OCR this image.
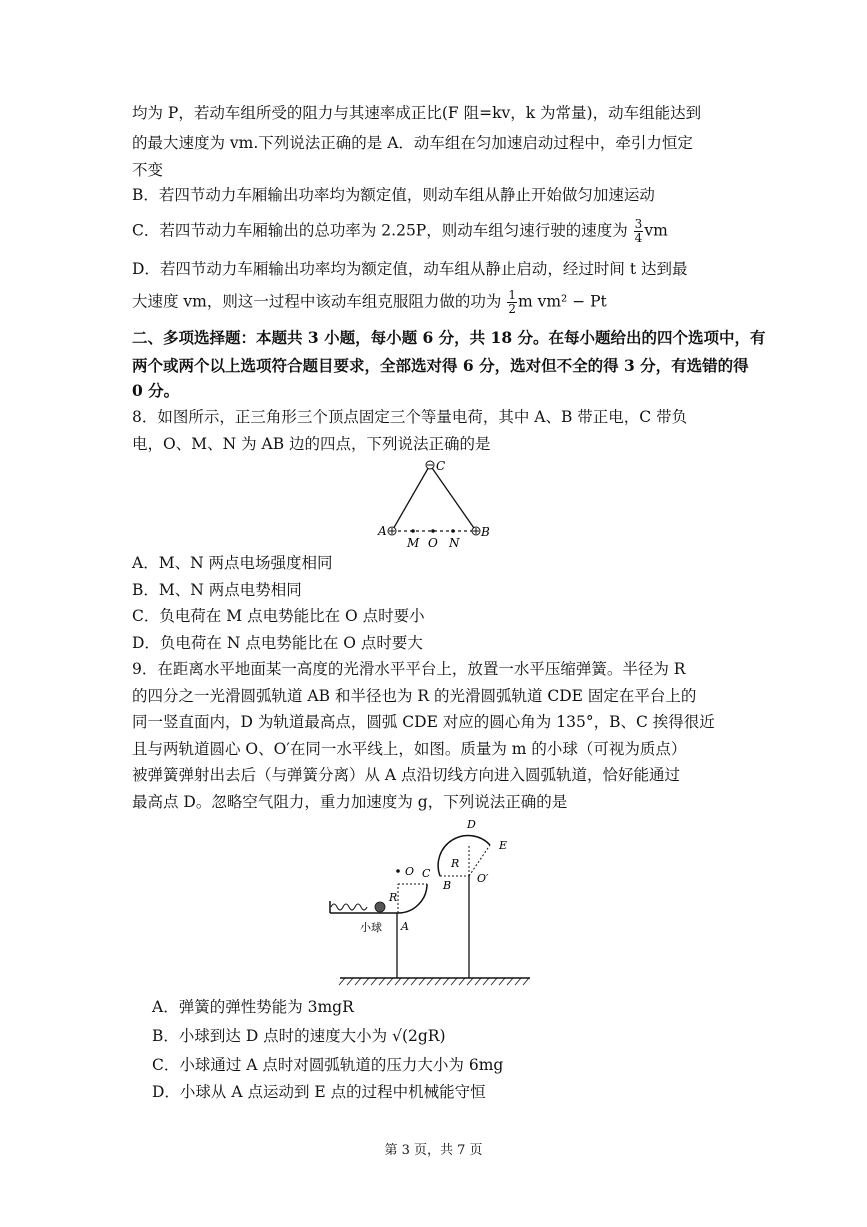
均为 P，若动车组所受的阻力与其速率成正比(F 阻=kv，k 为常量)，动车组能达到
的最大速度为 vm.下列说法正确的是 A．动车组在匀加速启动过程中，牵引力恒定
不变
B．若四节动力车厢输出功率均为额定值，则动车组从静止开始做匀加速运动
C．若四节动力车厢输出的总功率为 2.25P，则动车组匀速行驶的速度为 $\frac{3}{4}$ vm
D．若四节动力车厢输出功率均为额定值，动车组从静止启动，经过时间 t 达到最
大速度 vm，则这一过程中该动车组克服阻力做的功为 $\frac{1}{2}$ m vm² − Pt
二、多项选择题：本题共 3 小题，每小题 6 分，共 18 分。在每小题给出的四个选项中，有
两个或两个以上选项符合题目要求，全部选对得 6 分，选对但不全的得 3 分，有选错的得
0 分。
8．如图所示，正三角形三个顶点固定三个等量电荷，其中 A、B 带正电，C 带负
电，O、M、N 为 AB 边的四点，下列说法正确的是
C
A	B
M O N
A．M、N 两点电场强度相同
B．M、N 两点电势相同
C．负电荷在 M 点电势能比在 O 点时要小
D．负电荷在 N 点电势能比在 O 点时要大
9．在距离水平地面某一高度的光滑水平平台上，放置一水平压缩弹簧。半径为 R
的四分之一光滑圆弧轨道 AB 和半径也为 R 的光滑圆弧轨道 CDE 固定在平台上的
同一竖直面内，D 为轨道最高点，圆弧 CDE 对应的圆心角为 135°，B、C 挨得很近
且与两轨道圆心 O、O′在同一水平线上，如图。质量为 m 的小球（可视为质点）
被弹簧弹射出去后（与弹簧分离）从 A 点沿切线方向进入圆弧轨道，恰好能通过
最高点 D。忽略空气阻力，重力加速度为 g，下列说法正确的是
D
E
O C
R
B
O′
R
A
小球
A．弹簧的弹性势能为 3mgR
B．小球到达 D 点时的速度大小为 √(2gR)
C．小球通过 A 点时对圆弧轨道的压力大小为 6mg
D．小球从 A 点运动到 E 点的过程中机械能守恒
第 3 页，共 7 页
